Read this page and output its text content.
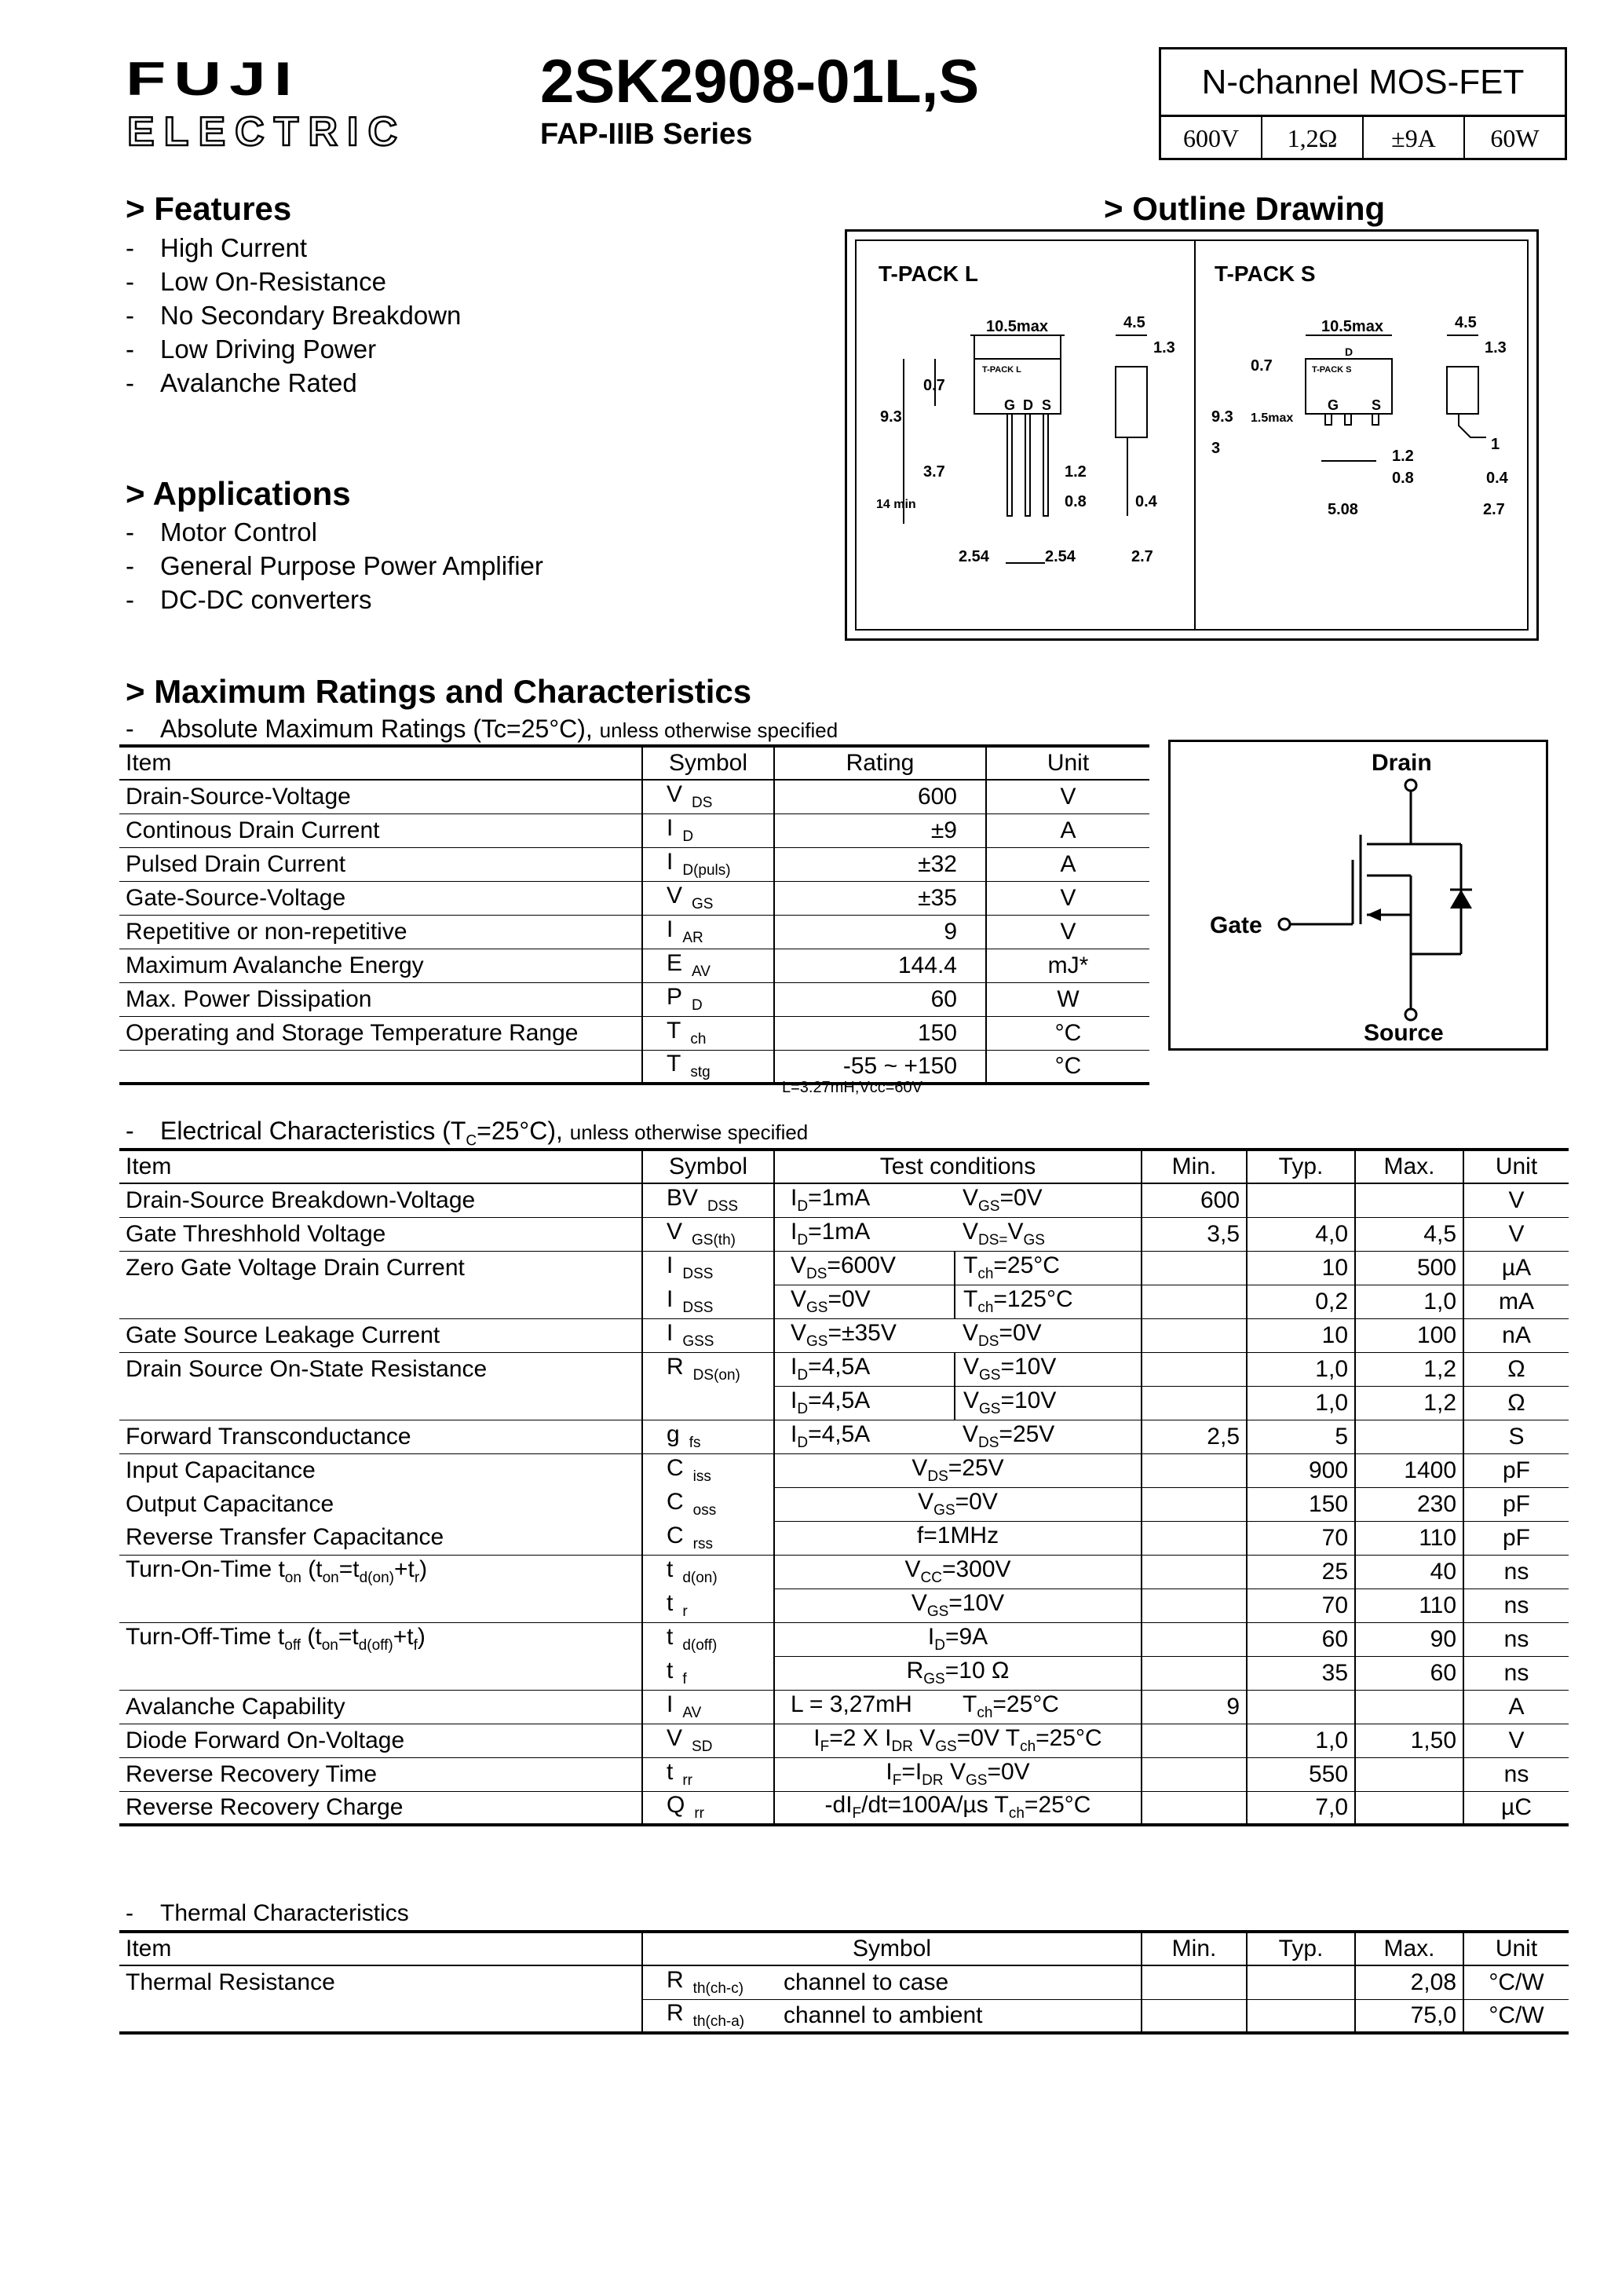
FUJI
ELECTRIC
2SK2908-01L,S
FAP-IIIB Series
N-channel MOS-FET
600V	1,2Ω	±9A	60W
> Features
-	High Current
-	Low On-Resistance
-	No Secondary Breakdown
-	Low Driving Power
-	Avalanche Rated
> Applications
-	Motor Control
-	General Purpose Power Amplifier
-	DC-DC converters
> Outline Drawing
T-PACK L	T-PACK S
10.5max	4.5
1.3
9.3
0.7
3.7
14 min
1.2
0.8	0.4
2.54	2.54	2.7
T-PACK L
G D S
10.5max	4.5
1.3
0.7
9.3 1.5max
3	1
1.2
0.8	0.4
5.08	2.7
D
T-PACK S
G S
> Maximum Ratings and Characteristics
- Absolute Maximum Ratings (Tc=25°C), unless otherwise specified
Item	Symbol	Rating	Unit
Drain-Source-Voltage	V $_{DS}$	600	V
Continous Drain Current	I $_D$	±9	A
Pulsed Drain Current	I $_{D(puls)}$	±32	A
Gate-Source-Voltage	V $_{GS}$	±35	V
Repetitive or non-repetitive	I $_{AR}$	9	V
Maximum Avalanche Energy	E $_{AV}$	144.4	mJ*
Max. Power Dissipation	P $_D$	60	W
Operating and Storage Temperature Range	T $_{ch}$	150	°C
	T $_{stg}$	-55 ~ +150	°C
L=3.27mH,Vcc=60V
Drain
Gate
Source
- Electrical Characteristics $(T_C=25^\circ C)$, unless otherwise specified
Item	Symbol	Test conditions		Min.	Typ.	Max.	Unit
Drain-Source Breakdown-Voltage	BV $_{DSS}$	$I_D=1mA$	$V_{GS}=0V$	600			V
Gate Threshhold Voltage	V $_{GS(th)}$	$I_D=1mA$	$V_{DS=}V_{GS}$	3,5	4,0	4,5	V
Zero Gate Voltage Drain Current	I $_{DSS}$	$V_{DS}=600V$	$T_{ch}=25^\circ C$		10	500	µA
	I $_{DSS}$	$V_{GS}=0V$	$T_{ch}=125^\circ C$		0,2	1,0	mA
Gate Source Leakage Current	I $_{GSS}$	$V_{GS}=\pm 35V$	$V_{DS}=0V$		10	100	nA
Drain Source On-State Resistance	R $_{DS(on)}$	$I_D=4,5A$	$V_{GS}=10V$		1,0	1,2	Ω
		$I_D=4,5A$	$V_{GS}=10V$		1,0	1,2	Ω
Forward Transconductance	g $_{fs}$	$I_D=4,5A$	$V_{DS}=25V$	2,5	5		S
Input Capacitance	C $_{iss}$	$V_{DS}=25V$			900	1400	pF
Output Capacitance	C $_{oss}$	$V_{GS}=0V$			150	230	pF
Reverse Transfer Capacitance	C $_{rss}$	f=1MHz			70	110	pF
Turn-On-Time $t_{on}$ $(t_{on}=t_{d(on)}+t_r)$	t $_{d(on)}$	$V_{CC}=300V$			25	40	ns
	t $_r$	$V_{GS}=10V$			70	110	ns
Turn-Off-Time $t_{off}$ $(t_{on}=t_{d(off)}+t_f)$	t $_{d(off)}$	$I_D=9A$			60	90	ns
	t $_f$	$R_{GS}=10$ Ω			35	60	ns
Avalanche Capability	I $_{AV}$	L = 3,27mH	$T_{ch}=25^\circ C$	9			A
Diode Forward On-Voltage	V $_{SD}$	$I_F=2$ X $I_{DR}$ $V_{GS}=0V$ $T_{ch}=25^\circ C$			1,0	1,50	V
Reverse Recovery Time	t $_{rr}$	$I_F=I_{DR}$ $V_{GS}=0V$			550		ns
Reverse Recovery Charge	Q $_{rr}$	$-dI_F/dt=100A/\mu s$ $T_{ch}=25^\circ C$			7,0		µC
- Thermal Characteristics
Item	Symbol		Min.	Typ.	Max.	Unit
Thermal Resistance	R $_{th(ch-c)}$	channel to case			2,08	°C/W
	R $_{th(ch-a)}$	channel to ambient			75,0	°C/W
